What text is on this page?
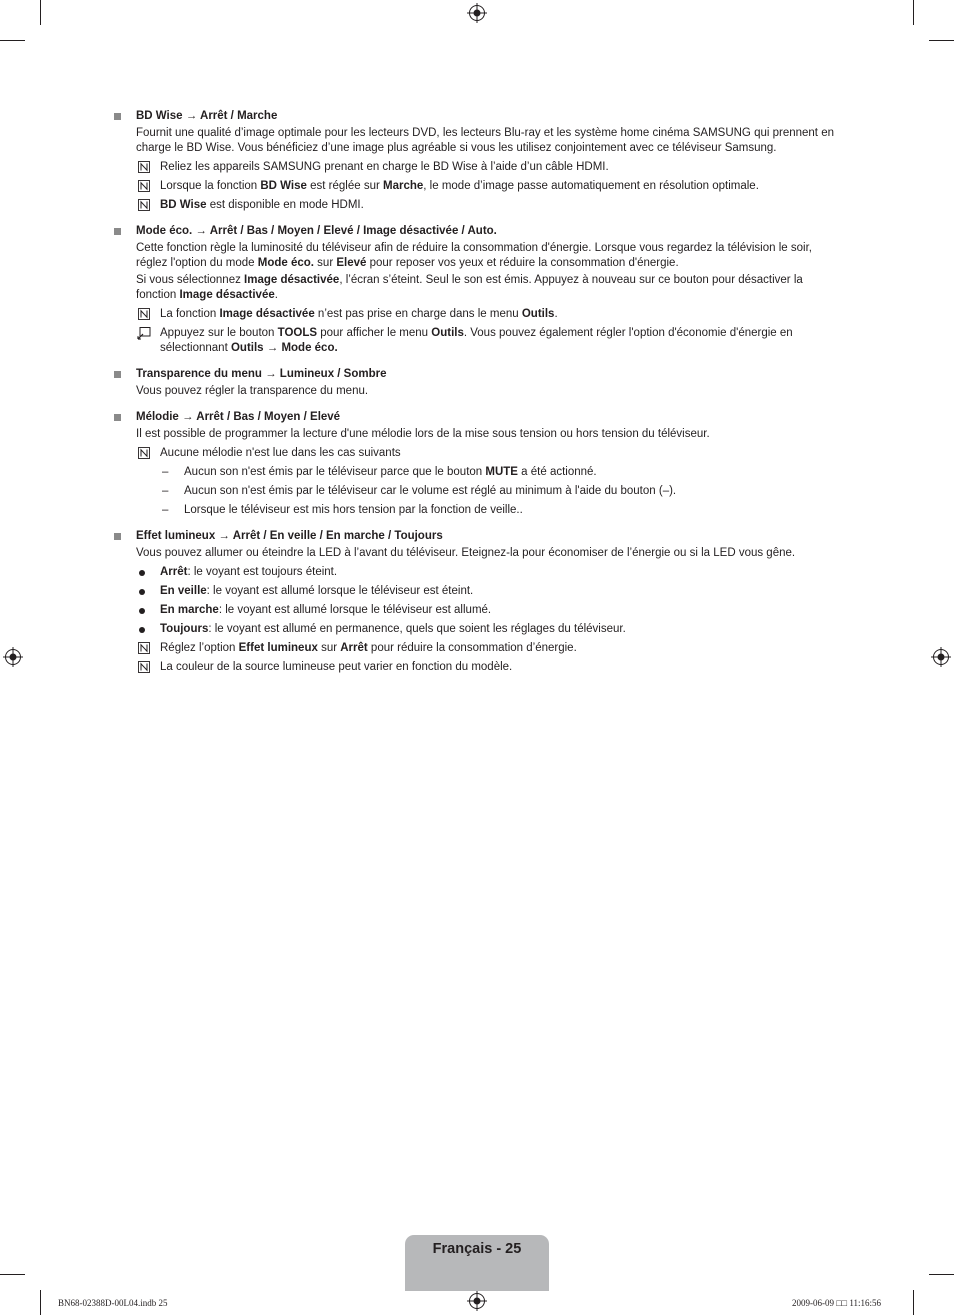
BD Wise → Arrêt / Marche
Fournit une qualité d’image optimale pour les lecteurs DVD, les lecteurs Blu-ray et les système home cinéma SAMSUNG qui prennent en charge le BD Wise. Vous bénéficiez d’une image plus agréable si vous les utilisez conjointement avec ce téléviseur Samsung.
Reliez les appareils SAMSUNG prenant en charge le BD Wise à l’aide d’un câble HDMI.
Lorsque la fonction BD Wise est réglée sur Marche, le mode d’image passe automatiquement en résolution optimale.
BD Wise est disponible en mode HDMI.
Mode éco. → Arrêt / Bas / Moyen / Elevé / Image désactivée / Auto.
Cette fonction règle la luminosité du téléviseur afin de réduire la consommation d'énergie. Lorsque vous regardez la télévision le soir, réglez l'option du mode Mode éco. sur Elevé pour reposer vos yeux et réduire la consommation d'énergie.
Si vous sélectionnez Image désactivée, l’écran s’éteint. Seul le son est émis. Appuyez à nouveau sur ce bouton pour désactiver la fonction Image désactivée.
La fonction Image désactivée n’est pas prise en charge dans le menu Outils.
Appuyez sur le bouton TOOLS pour afficher le menu Outils. Vous pouvez également régler l'option d'économie d'énergie en sélectionnant Outils → Mode éco.
Transparence du menu → Lumineux / Sombre
Vous pouvez régler la transparence du menu.
Mélodie → Arrêt / Bas / Moyen / Elevé
Il est possible de programmer la lecture d'une mélodie lors de la mise sous tension ou hors tension du téléviseur.
Aucune mélodie n'est lue dans les cas suivants
– Aucun son n'est émis par le téléviseur parce que le bouton MUTE a été actionné.
– Aucun son n'est émis par le téléviseur car le volume est réglé au minimum à l'aide du bouton (–).
– Lorsque le téléviseur est mis hors tension par la fonction de veille..
Effet lumineux → Arrêt / En veille / En marche / Toujours
Vous pouvez allumer ou éteindre la LED à l’avant du téléviseur. Eteignez-la pour économiser de l’énergie ou si la LED vous gêne.
Arrêt: le voyant est toujours éteint.
En veille: le voyant est allumé lorsque le téléviseur est éteint.
En marche: le voyant est allumé lorsque le téléviseur est allumé.
Toujours: le voyant est allumé en permanence, quels que soient les réglages du téléviseur.
Réglez l’option Effet lumineux sur Arrêt pour réduire la consommation d’énergie.
La couleur de la source lumineuse peut varier en fonction du modèle.
Français - 25
BN68-02388D-00L04.indb 25	2009-06-09 □□ 11:16:56
